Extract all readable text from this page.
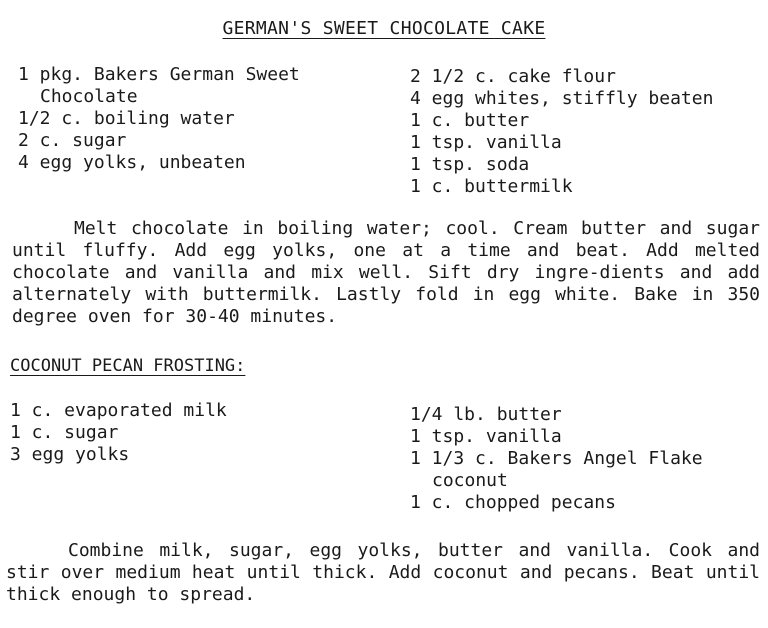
GERMAN'S SWEET CHOCOLATE CAKE
1 pkg. Bakers German Sweet
Chocolate
1/2 c. boiling water
2 c. sugar
4 egg yolks, unbeaten
2 1/2 c. cake flour
4 egg whites, stiffly beaten
1 c. butter
1 tsp. vanilla
1 tsp. soda
1 c. buttermilk

Melt chocolate in boiling water; cool. Cream butter and sugar until fluffy. Add egg yolks, one at a time and beat. Add melted chocolate and vanilla and mix well. Sift dry ingre-dients and add alternately with buttermilk. Lastly fold in egg white. Bake in 350 degree oven for 30-40 minutes.

COCONUT PECAN FROSTING:
1 c. evaporated milk
1 c. sugar
3 egg yolks
1/4 lb. butter
1 tsp. vanilla
1 1/3 c. Bakers Angel Flake
coconut
1 c. chopped pecans

Combine milk, sugar, egg yolks, butter and vanilla. Cook and stir over medium heat until thick. Add coconut and pecans. Beat until thick enough to spread.
